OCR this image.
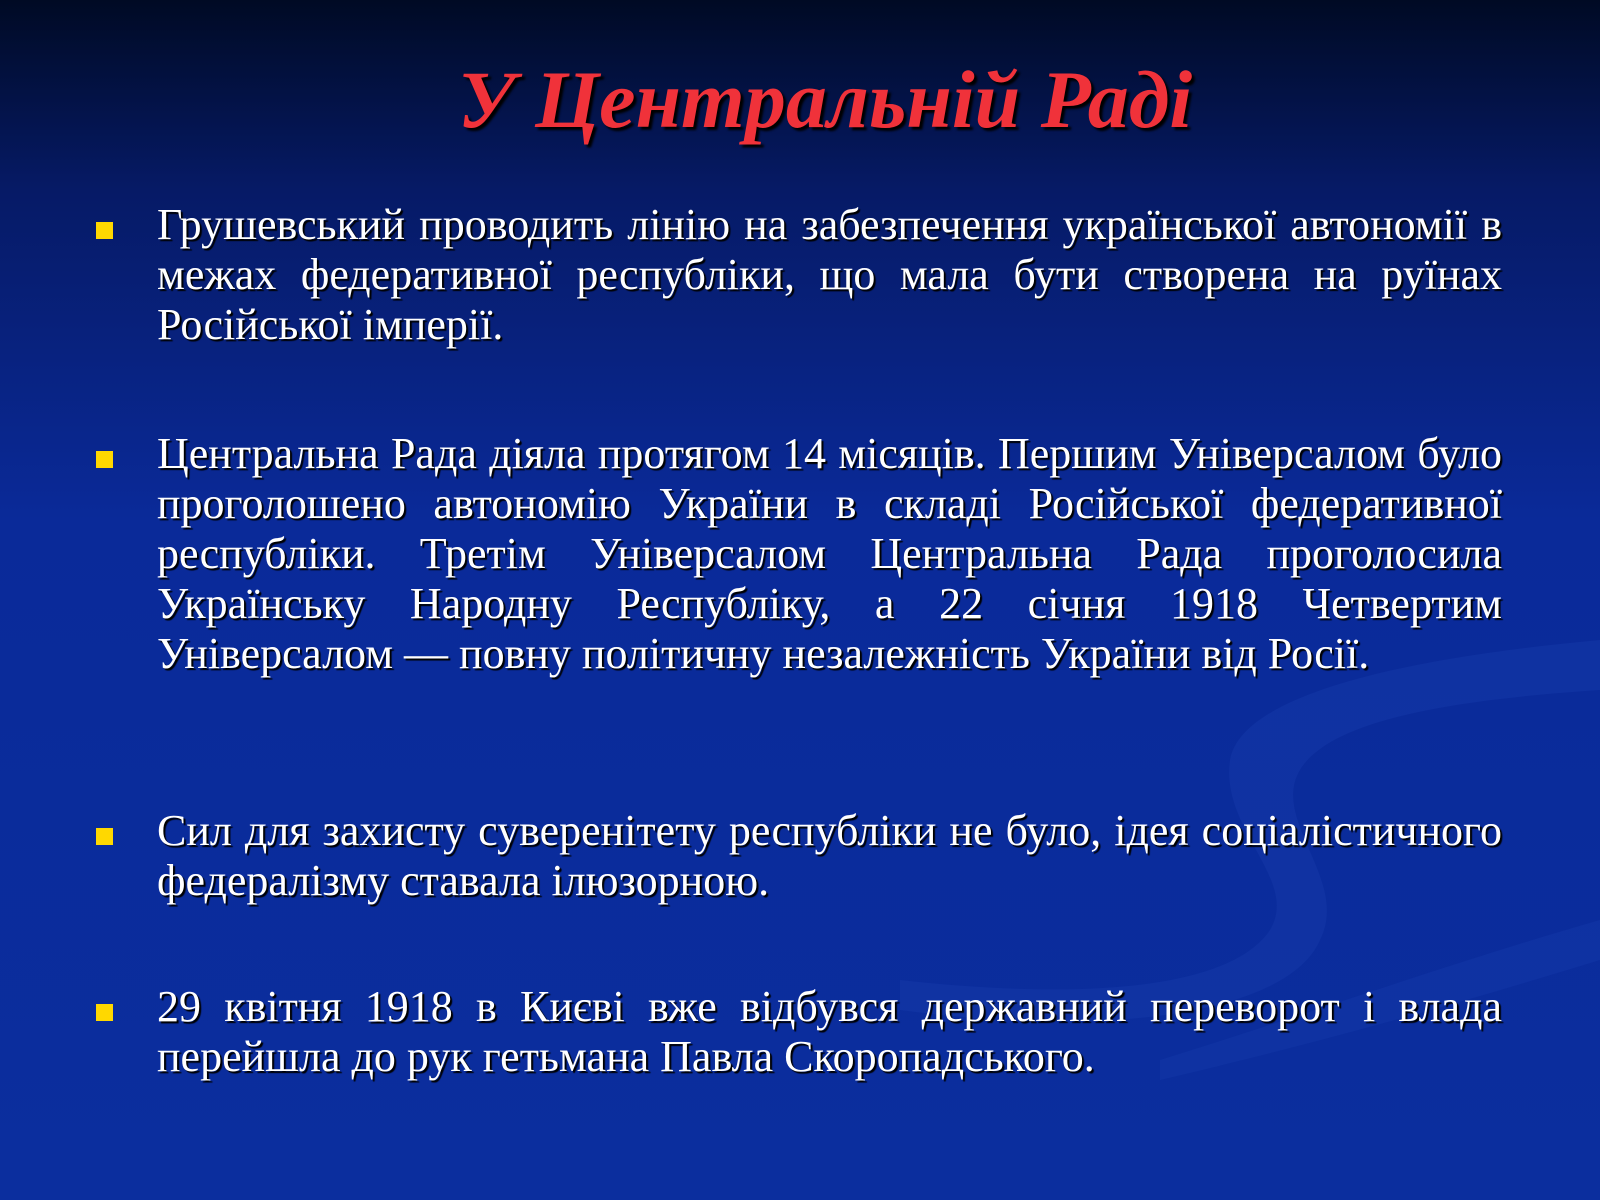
У Центральній Раді
Грушевський проводить лінію на забезпечення української автономії в межах федеративної республіки, що мала бути створена на руїнах Російської імперії.
Центральна Рада діяла протягом 14 місяців. Першим Універсалом було проголошено автономію України в складі Російської федеративної республіки. Третім Універсалом Центральна Рада проголосила Українську Народну Республіку, а 22 січня 1918 Четвертим Універсалом — повну політичну незалежність України від Росії.
Сил для захисту суверенітету республіки не було, ідея соціалістичного федералізму ставала ілюзорною.
29 квітня 1918 в Києві вже відбувся державний переворот і влада перейшла до рук гетьмана Павла Скоропадського.
